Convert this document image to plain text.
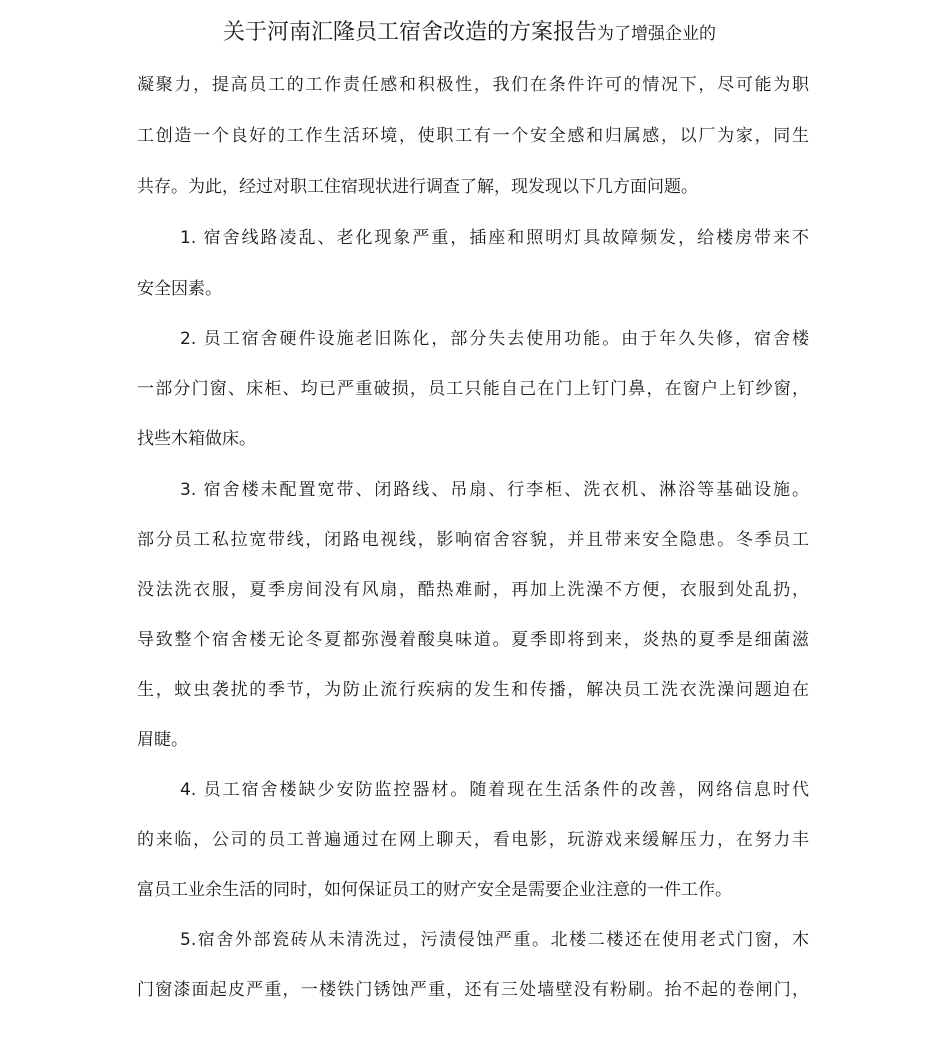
关于河南汇隆员工宿舍改造的方案报告为了增强企业的
凝聚力，提高员工的工作责任感和积极性，我们在条件许可的情况下，尽可能为职
工创造一个良好的工作生活环境，使职工有一个安全感和归属感，以厂为家，同生
共存。为此，经过对职工住宿现状进行调查了解，现发现以下几方面问题。
1. 宿舍线路凌乱、老化现象严重，插座和照明灯具故障频发，给楼房带来不
安全因素。
2. 员工宿舍硬件设施老旧陈化，部分失去使用功能。由于年久失修，宿舍楼
一部分门窗、床柜、均已严重破损，员工只能自己在门上钉门鼻，在窗户上钉纱窗，
找些木箱做床。
3. 宿舍楼未配置宽带、闭路线、吊扇、行李柜、洗衣机、淋浴等基础设施。
部分员工私拉宽带线，闭路电视线，影响宿舍容貌，并且带来安全隐患。冬季员工
没法洗衣服，夏季房间没有风扇，酷热难耐，再加上洗澡不方便，衣服到处乱扔，
导致整个宿舍楼无论冬夏都弥漫着酸臭味道。夏季即将到来，炎热的夏季是细菌滋
生，蚊虫袭扰的季节，为防止流行疾病的发生和传播，解决员工洗衣洗澡问题迫在
眉睫。
4. 员工宿舍楼缺少安防监控器材。随着现在生活条件的改善，网络信息时代
的来临，公司的员工普遍通过在网上聊天，看电影，玩游戏来缓解压力，在努力丰
富员工业余生活的同时，如何保证员工的财产安全是需要企业注意的一件工作。
5.宿舍外部瓷砖从未清洗过，污渍侵蚀严重。北楼二楼还在使用老式门窗，木
门窗漆面起皮严重，一楼铁门锈蚀严重，还有三处墙壁没有粉刷。抬不起的卷闸门，
